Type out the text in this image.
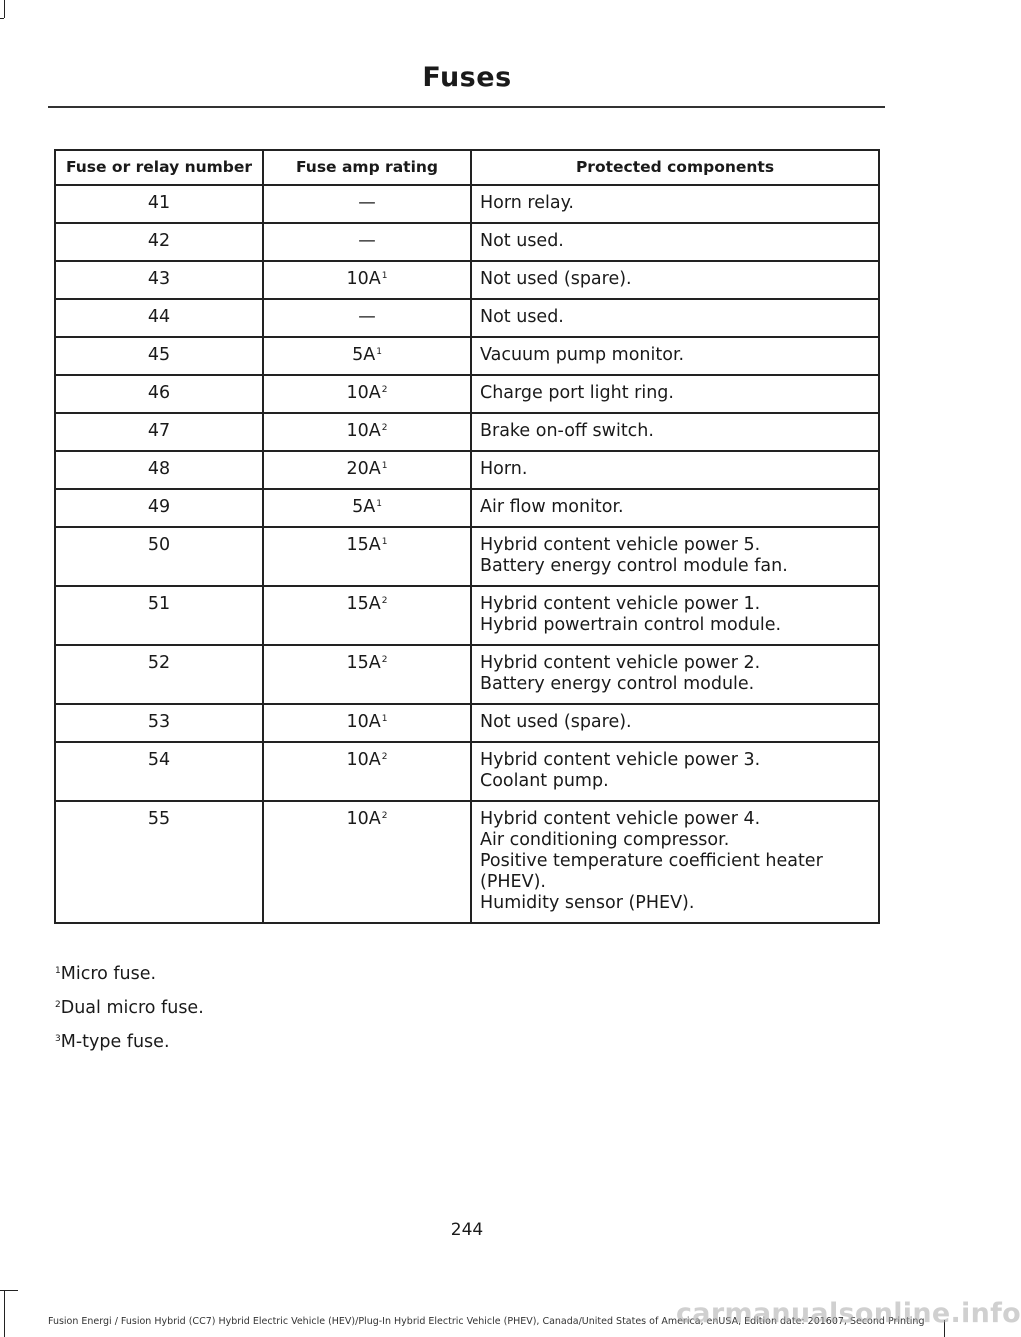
Fuses
Fuse or relay number	Fuse amp rating	Protected components
41	—	Horn relay.

42	—	Not used.

43	$10A^1$	Not used (spare).

44	—	Not used.

45	$5A^1$	Vacuum pump monitor.

46	$10A^2$	Charge port light ring.

47	$10A^2$	Brake on-off switch.

48	$20A^1$	Horn.

49	$5A^1$	Air flow monitor.

50	$15A^1$	Hybrid content vehicle power 5.
Battery energy control module fan.

51	$15A^2$	Hybrid content vehicle power 1.
Hybrid powertrain control module.

52	$15A^2$	Hybrid content vehicle power 2.
Battery energy control module.

53	$10A^1$	Not used (spare).

54	$10A^2$	Hybrid content vehicle power 3.
Coolant pump.

55	$10A^2$	Hybrid content vehicle power 4.
Air conditioning compressor.
Positive temperature coefficient heater (PHEV).
Humidity sensor (PHEV).
$^1$Micro fuse.
$^2$Dual micro fuse.
$^3$M-type fuse.
244
Fusion Energi / Fusion Hybrid (CC7) Hybrid Electric Vehicle (HEV)/Plug-In Hybrid Electric Vehicle (PHEV), Canada/United States of America, enUSA, Edition date: 201607, Second Printing
carmanualsonline.info
